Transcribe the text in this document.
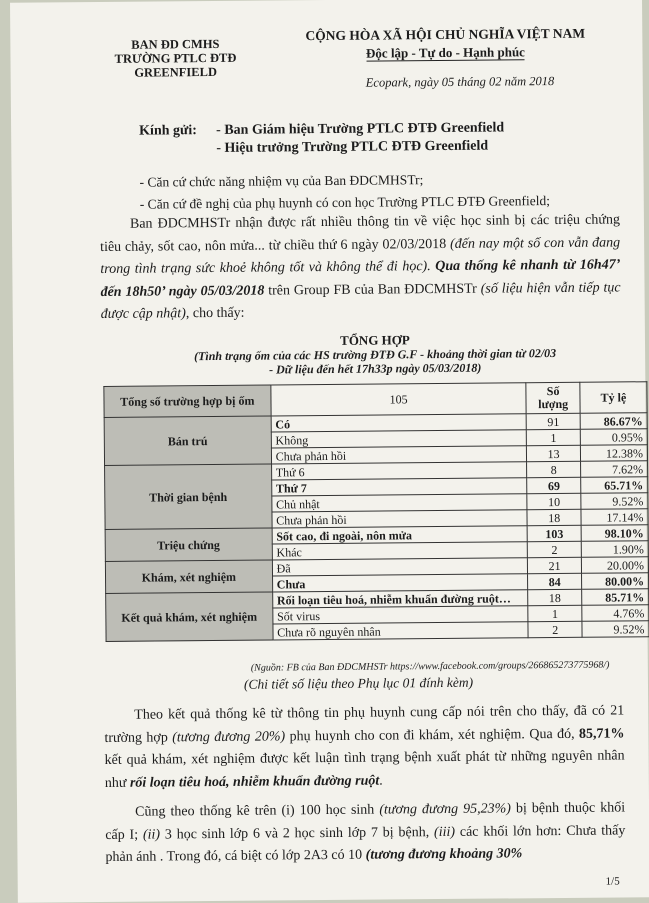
BAN ĐD CMHS
TRƯỜNG PTLC ĐTĐ
GREENFIELD
CỘNG HÒA XÃ HỘI CHỦ NGHĨA VIỆT NAM
Độc lập - Tự do - Hạnh phúc
Ecopark, ngày 05 tháng 02 năm 2018
Kính gửi: - Ban Giám hiệu Trường PTLC ĐTĐ Greenfield
- Hiệu trưởng Trường PTLC ĐTĐ Greenfield
- Căn cứ chức năng nhiệm vụ của Ban ĐDCMHSTr;
- Căn cứ đề nghị của phụ huynh có con học Trường PTLC ĐTĐ Greenfield;
Ban ĐDCMHSTr nhận được rất nhiều thông tin về việc học sinh bị các triệu chứng tiêu chảy, sốt cao, nôn mửa... từ chiều thứ 6 ngày 02/03/2018 (đến nay một số con vẫn đang trong tình trạng sức khoẻ không tốt và không thể đi học). Qua thống kê nhanh từ 16h47’ đến 18h50’ ngày 05/03/2018 trên Group FB của Ban ĐDCMHSTr (số liệu hiện vẫn tiếp tục được cập nhật), cho thấy:
TỔNG HỢP
(Tình trạng ốm của các HS trường ĐTĐ G.F - khoảng thời gian từ 02/03
- Dữ liệu đến hết 17h33p ngày 05/03/2018)
Tổng số trường hợp bị ốm	105	Số lượng	Tỷ lệ
Bán trú	Có	91	86.67%
	Không	1	0.95%
	Chưa phản hồi	13	12.38%
Thời gian bệnh	Thứ 6	8	7.62%
	Thứ 7	69	65.71%
	Chủ nhật	10	9.52%
	Chưa phản hồi	18	17.14%
Triệu chứng	Sốt cao, đi ngoài, nôn mửa	103	98.10%
	Khác	2	1.90%
Khám, xét nghiệm	Đã	21	20.00%
	Chưa	84	80.00%
Kết quả khám, xét nghiệm	Rối loạn tiêu hoá, nhiễm khuẩn đường ruột…	18	85.71%
	Sốt virus	1	4.76%
	Chưa rõ nguyên nhân	2	9.52%
(Nguồn: FB của Ban ĐDCMHSTr https://www.facebook.com/groups/266865273775968/)
(Chi tiết số liệu theo Phụ lục 01 đính kèm)
Theo kết quả thống kê từ thông tin phụ huynh cung cấp nói trên cho thấy, đã có 21 trường hợp (tương đương 20%) phụ huynh cho con đi khám, xét nghiệm. Qua đó, 85,71% kết quả khám, xét nghiệm được kết luận tình trạng bệnh xuất phát từ những nguyên nhân như rối loạn tiêu hoá, nhiễm khuẩn đường ruột.
Cũng theo thống kê trên (i) 100 học sinh (tương đương 95,23%) bị bệnh thuộc khối cấp I; (ii) 3 học sinh lớp 6 và 2 học sinh lớp 7 bị bệnh, (iii) các khối lớn hơn: Chưa thấy phản ánh . Trong đó, cá biệt có lớp 2A3 có 10 (tương đương khoảng 30%
1/5
